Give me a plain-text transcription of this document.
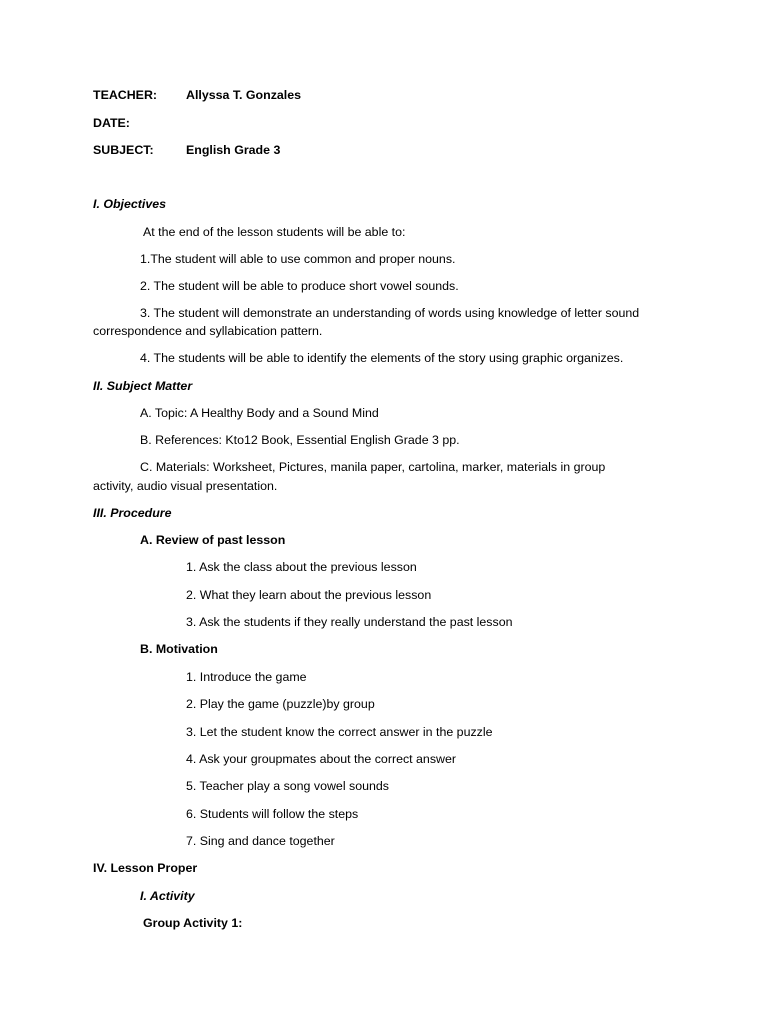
TEACHER: Allyssa T. Gonzales
DATE:
SUBJECT:	English Grade 3
I. Objectives
At the end of the lesson students will be able to:
1.The student will able to use common and proper nouns.
2. The student will be able to produce short vowel sounds.
3. The student will demonstrate an understanding of words using knowledge of letter sound
correspondence and syllabication pattern.
4. The students will be able to identify the elements of the story using graphic organizes.
II. Subject Matter
A. Topic: A Healthy Body and a Sound Mind
B. References: Kto12 Book, Essential English Grade 3 pp.
C. Materials: Worksheet, Pictures, manila paper, cartolina, marker, materials in group
activity, audio visual presentation.
III. Procedure
A. Review of past lesson
1. Ask the class about the previous lesson
2. What they learn about the previous lesson
3. Ask the students if they really understand the past lesson
B. Motivation
1. Introduce the game
2. Play the game (puzzle)by group
3. Let the student know the correct answer in the puzzle
4. Ask your groupmates about the correct answer
5. Teacher play a song vowel sounds
6. Students will follow the steps
7. Sing and dance together
IV. Lesson Proper
I. Activity
Group Activity 1:
